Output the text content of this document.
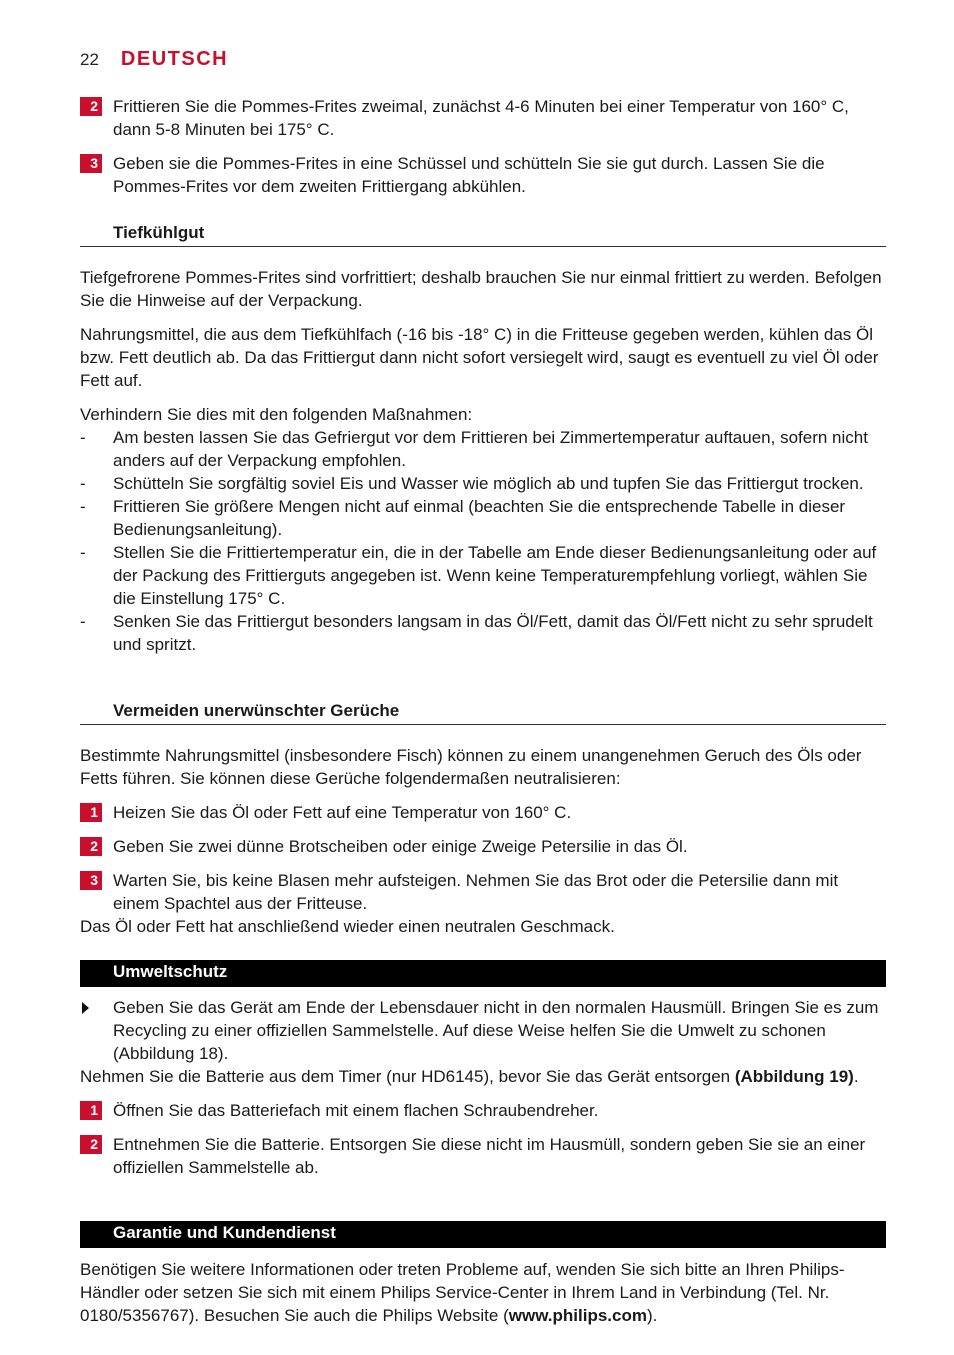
22 DEUTSCH
2 Frittieren Sie die Pommes-Frites zweimal, zunächst 4-6 Minuten bei einer Temperatur von 160° C, dann 5-8 Minuten bei 175° C.
3 Geben sie die Pommes-Frites in eine Schüssel und schütteln Sie sie gut durch. Lassen Sie die Pommes-Frites vor dem zweiten Frittiergang abkühlen.
Tiefkühlgut

Tiefgefrorene Pommes-Frites sind vorfrittiert; deshalb brauchen Sie nur einmal frittiert zu werden. Befolgen Sie die Hinweise auf der Verpackung.

Nahrungsmittel, die aus dem Tiefkühlfach (-16 bis -18° C) in die Fritteuse gegeben werden, kühlen das Öl bzw. Fett deutlich ab. Da das Frittiergut dann nicht sofort versiegelt wird, saugt es eventuell zu viel Öl oder Fett auf.

Verhindern Sie dies mit den folgenden Maßnahmen:

-	Am besten lassen Sie das Gefriergut vor dem Frittieren bei Zimmertemperatur auftauen, sofern nicht anders auf der Verpackung empfohlen.
-	Schütteln Sie sorgfältig soviel Eis und Wasser wie möglich ab und tupfen Sie das Frittiergut trocken.
-	Frittieren Sie größere Mengen nicht auf einmal (beachten Sie die entsprechende Tabelle in dieser Bedienungsanleitung).
-	Stellen Sie die Frittiertemperatur ein, die in der Tabelle am Ende dieser Bedienungsanleitung oder auf der Packung des Frittierguts angegeben ist. Wenn keine Temperaturempfehlung vorliegt, wählen Sie die Einstellung 175° C.
-	Senken Sie das Frittiergut besonders langsam in das Öl/Fett, damit das Öl/Fett nicht zu sehr sprudelt und spritzt.
Vermeiden unerwünschter Gerüche

Bestimmte Nahrungsmittel (insbesondere Fisch) können zu einem unangenehmen Geruch des Öls oder Fetts führen. Sie können diese Gerüche folgendermaßen neutralisieren:

1 Heizen Sie das Öl oder Fett auf eine Temperatur von 160° C.
2 Geben Sie zwei dünne Brotscheiben oder einige Zweige Petersilie in das Öl.
3 Warten Sie, bis keine Blasen mehr aufsteigen. Nehmen Sie das Brot oder die Petersilie dann mit einem Spachtel aus der Fritteuse.

Das Öl oder Fett hat anschließend wieder einen neutralen Geschmack.

Umweltschutz
Geben Sie das Gerät am Ende der Lebensdauer nicht in den normalen Hausmüll. Bringen Sie es zum Recycling zu einer offiziellen Sammelstelle. Auf diese Weise helfen Sie die Umwelt zu schonen (Abbildung 18).

Nehmen Sie die Batterie aus dem Timer (nur HD6145), bevor Sie das Gerät entsorgen (Abbildung 19).

1 Öffnen Sie das Batteriefach mit einem flachen Schraubendreher.
2 Entnehmen Sie die Batterie. Entsorgen Sie diese nicht im Hausmüll, sondern geben Sie sie an einer offiziellen Sammelstelle ab.
Garantie und Kundendienst

Benötigen Sie weitere Informationen oder treten Probleme auf, wenden Sie sich bitte an Ihren Philips-Händler oder setzen Sie sich mit einem Philips Service-Center in Ihrem Land in Verbindung (Tel. Nr. 0180/5356767). Besuchen Sie auch die Philips Website (www.philips.com).
